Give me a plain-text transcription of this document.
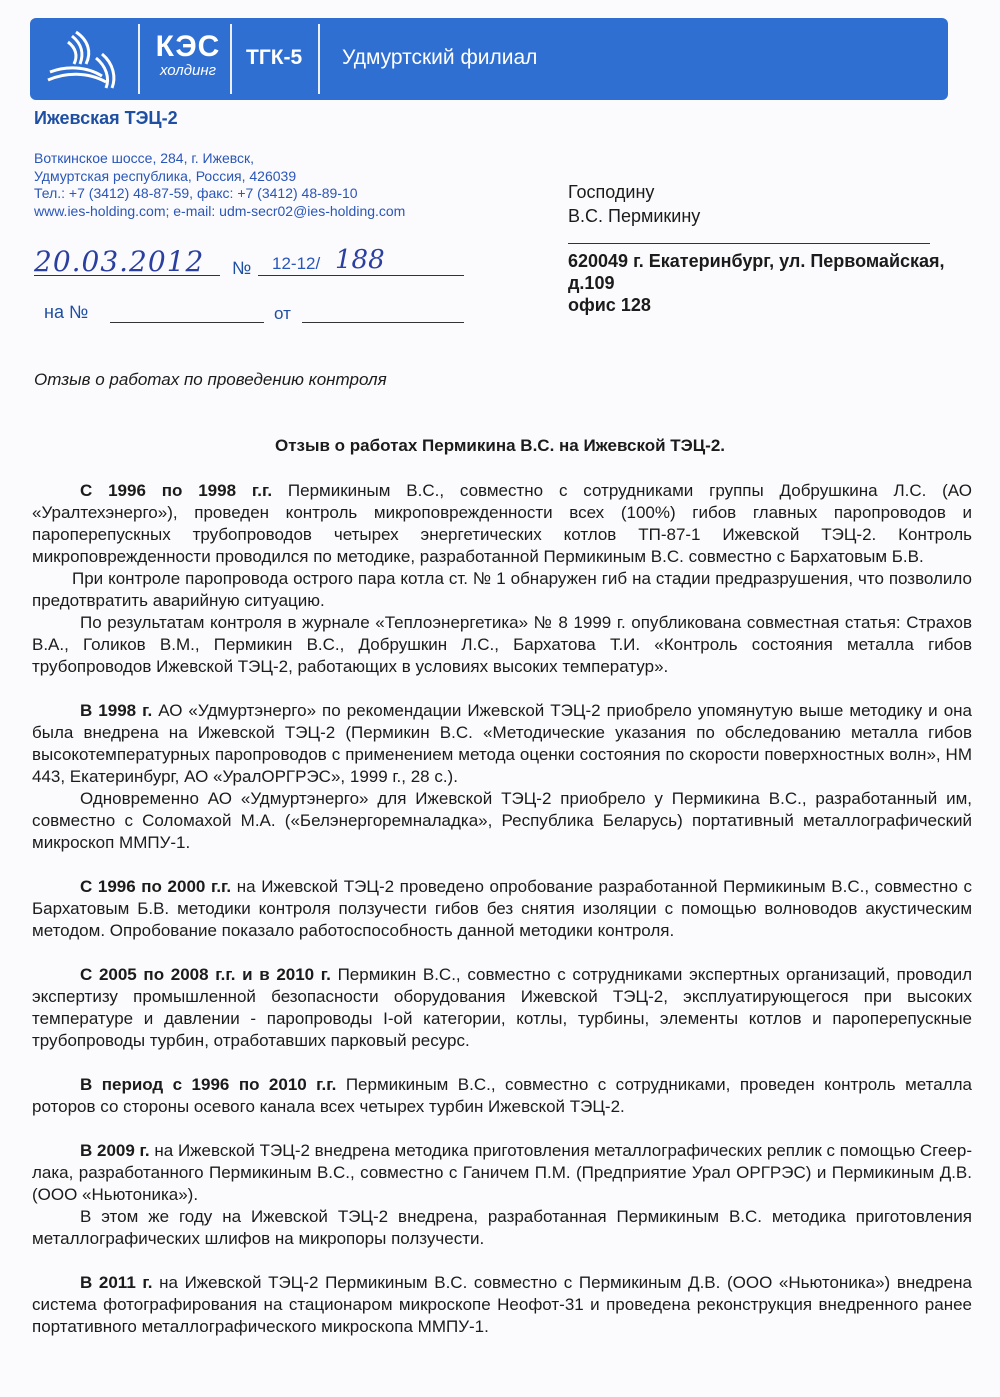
КЭС
холдинг
ТГК-5 Удмуртский филиал
Ижевская ТЭЦ-2
Воткинское шоссе, 284, г. Ижевск,
Удмуртская республика, Россия, 426039
Тел.: +7 (3412) 48-87-59, факс: +7 (3412) 48-89-10
www.ies-holding.com; e-mail: udm-secr02@ies-holding.com
Господину
В.С. Пермикину
620049 г. Екатеринбург, ул. Первомайская,
д.109
офис 128
20.03.2012 № 12-12/ 188
на №	от
Отзыв о работах по проведению контроля
Отзыв о работах Пермикина В.С. на Ижевской ТЭЦ-2.

С 1996 по 1998 г.г. Пермикиным В.С., совместно с сотрудниками группы Добрушкина Л.С. (АО «Уралтехэнерго»), проведен контроль микроповрежденности всех (100%) гибов главных паропроводов и пароперепускных трубопроводов четырех энергетических котлов ТП-87-1 Ижевской ТЭЦ-2. Контроль микроповрежденности проводился по методике, разработанной Пермикиным В.С. совместно с Бархатовым Б.В.

При контроле паропровода острого пара котла ст. № 1 обнаружен гиб на стадии предразрушения, что позволило предотвратить аварийную ситуацию.

По результатам контроля в журнале «Теплоэнергетика» № 8 1999 г. опубликована совместная статья: Страхов В.А., Голиков В.М., Пермикин В.С., Добрушкин Л.С., Бархатова Т.И. «Контроль состояния металла гибов трубопроводов Ижевской ТЭЦ-2, работающих в условиях высоких температур».

В 1998 г. АО «Удмуртэнерго» по рекомендации Ижевской ТЭЦ-2 приобрело упомянутую выше методику и она была внедрена на Ижевской ТЭЦ-2 (Пермикин В.С. «Методические указания по обследованию металла гибов высокотемпературных паропроводов с применением метода оценки состояния по скорости поверхностных волн», НМ 443, Екатеринбург, АО «УралОРГРЭС», 1999 г., 28 с.).

Одновременно АО «Удмуртэнерго» для Ижевской ТЭЦ-2 приобрело у Пермикина В.С., разработанный им, совместно с Соломахой М.А. («Белэнергоремналадка», Республика Беларусь) портативный металлографический микроскоп ММПУ-1.

С 1996 по 2000 г.г. на Ижевской ТЭЦ-2 проведено опробование разработанной Пермикиным В.С., совместно с Бархатовым Б.В. методики контроля ползучести гибов без снятия изоляции с помощью волноводов акустическим методом. Опробование показало работоспособность данной методики контроля.

С 2005 по 2008 г.г. и в 2010 г. Пермикин В.С., совместно с сотрудниками экспертных организаций, проводил экспертизу промышленной безопасности оборудования Ижевской ТЭЦ-2, эксплуатирующегося при высоких температуре и давлении - паропроводы I-ой категории, котлы, турбины, элементы котлов и пароперепускные трубопроводы турбин, отработавших парковый ресурс.

В период с 1996 по 2010 г.г. Пермикиным В.С., совместно с сотрудниками, проведен контроль металла роторов со стороны осевого канала всех четырех турбин Ижевской ТЭЦ-2.

В 2009 г. на Ижевской ТЭЦ-2 внедрена методика приготовления металлографических реплик с помощью Сгеер-лака, разработанного Пермикиным В.С., совместно с Ганичем П.М. (Предприятие Урал ОРГРЭС) и Пермикиным Д.В.(ООО «Ньютоника»).

В этом же году на Ижевской ТЭЦ-2 внедрена, разработанная Пермикиным В.С. методика приготовления металлографических шлифов на микропоры ползучести.

В 2011 г. на Ижевской ТЭЦ-2 Пермикиным В.С. совместно с Пермикиным Д.В. (ООО «Ньютоника») внедрена система фотографирования на стационаром микроскопе Неофот-31 и проведена реконструкция внедренного ранее портативного металлографического микроскопа ММПУ-1.
